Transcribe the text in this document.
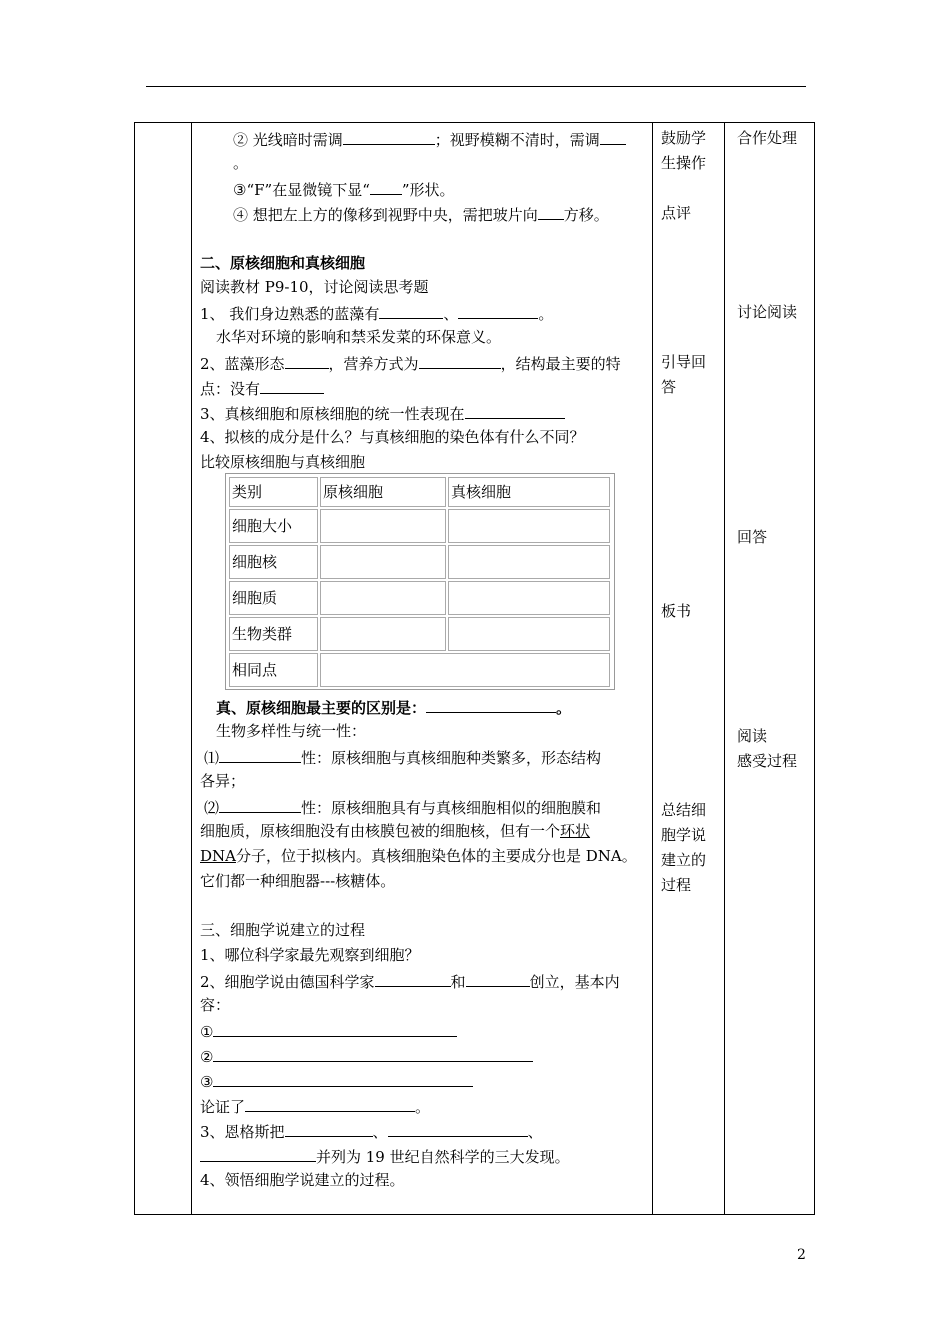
② 光线暗时需调	；视野模糊不清时，需调
。
③“F”在显微镜下显“ ”形状。
④ 想把左上方的像移到视野中央，需把玻片向 方移。
二、原核细胞和真核细胞
阅读教材 P9-10，讨论阅读思考题
1、 我们身边熟悉的蓝藻有	、	。
水华对环境的影响和禁采发菜的环保意义。
2、蓝藻形态	，营养方式为	，结构最主要的特
点：没有
3、真核细胞和原核细胞的统一性表现在
4、拟核的成分是什么？与真核细胞的染色体有什么不同？
比较原核细胞与真核细胞
类别	原核细胞	真核细胞
细胞大小
细胞核
细胞质
生物类群
相同点
真、原核细胞最主要的区别是：	。
生物多样性与统一性：
⑴	性：原核细胞与真核细胞种类繁多，形态结构
各异；
⑵	性：原核细胞具有与真核细胞相似的细胞膜和
细胞质，原核细胞没有由核膜包被的细胞核，但有一个环状
DNA分子，位于拟核内。真核细胞染色体的主要成分也是 DNA。
它们都一种细胞器---核糖体。
三、细胞学说建立的过程
1、哪位科学家最先观察到细胞？
2、细胞学说由德国科学家	和	创立，基本内
容：
①
②
③
论证了	。
3、恩格斯把	、	、
并列为 19 世纪自然科学的三大发现。
4、领悟细胞学说建立的过程。
鼓励学
生操作
点评
引导回
答
板书
总结细
胞学说
建立的
过程
合作处理
讨论阅读
回答
阅读
感受过程
2
